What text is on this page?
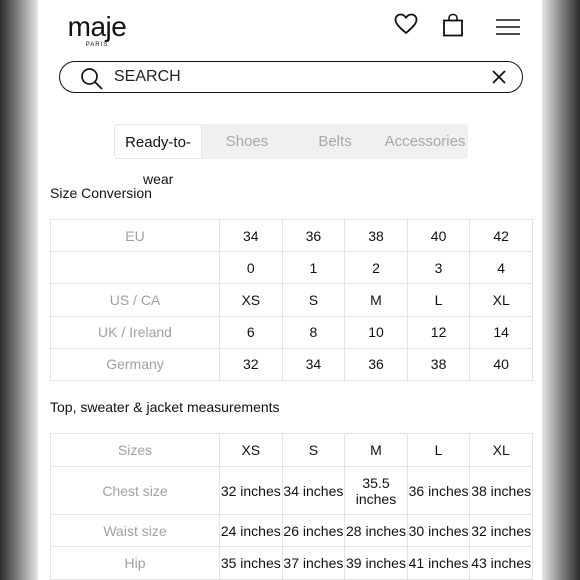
maje
PARIS
SEARCH
Ready-to-	Shoes	Belts	Accessories
wear
Size Conversion
EU	34	36	38	40	42
	0	1	2	3	4
US / CA	XS	S	M	L	XL
UK / Ireland	6	8	10	12	14
Germany	32	34	36	38	40
Top, sweater & jacket measurements
Sizes	XS	S	M	L	XL
Chest size	32 inches	34 inches	35.5 inches	36 inches	38 inches
Waist size	24 inches	26 inches	28 inches	30 inches	32 inches
Hip	35 inches	37 inches	39 inches	41 inches	43 inches
